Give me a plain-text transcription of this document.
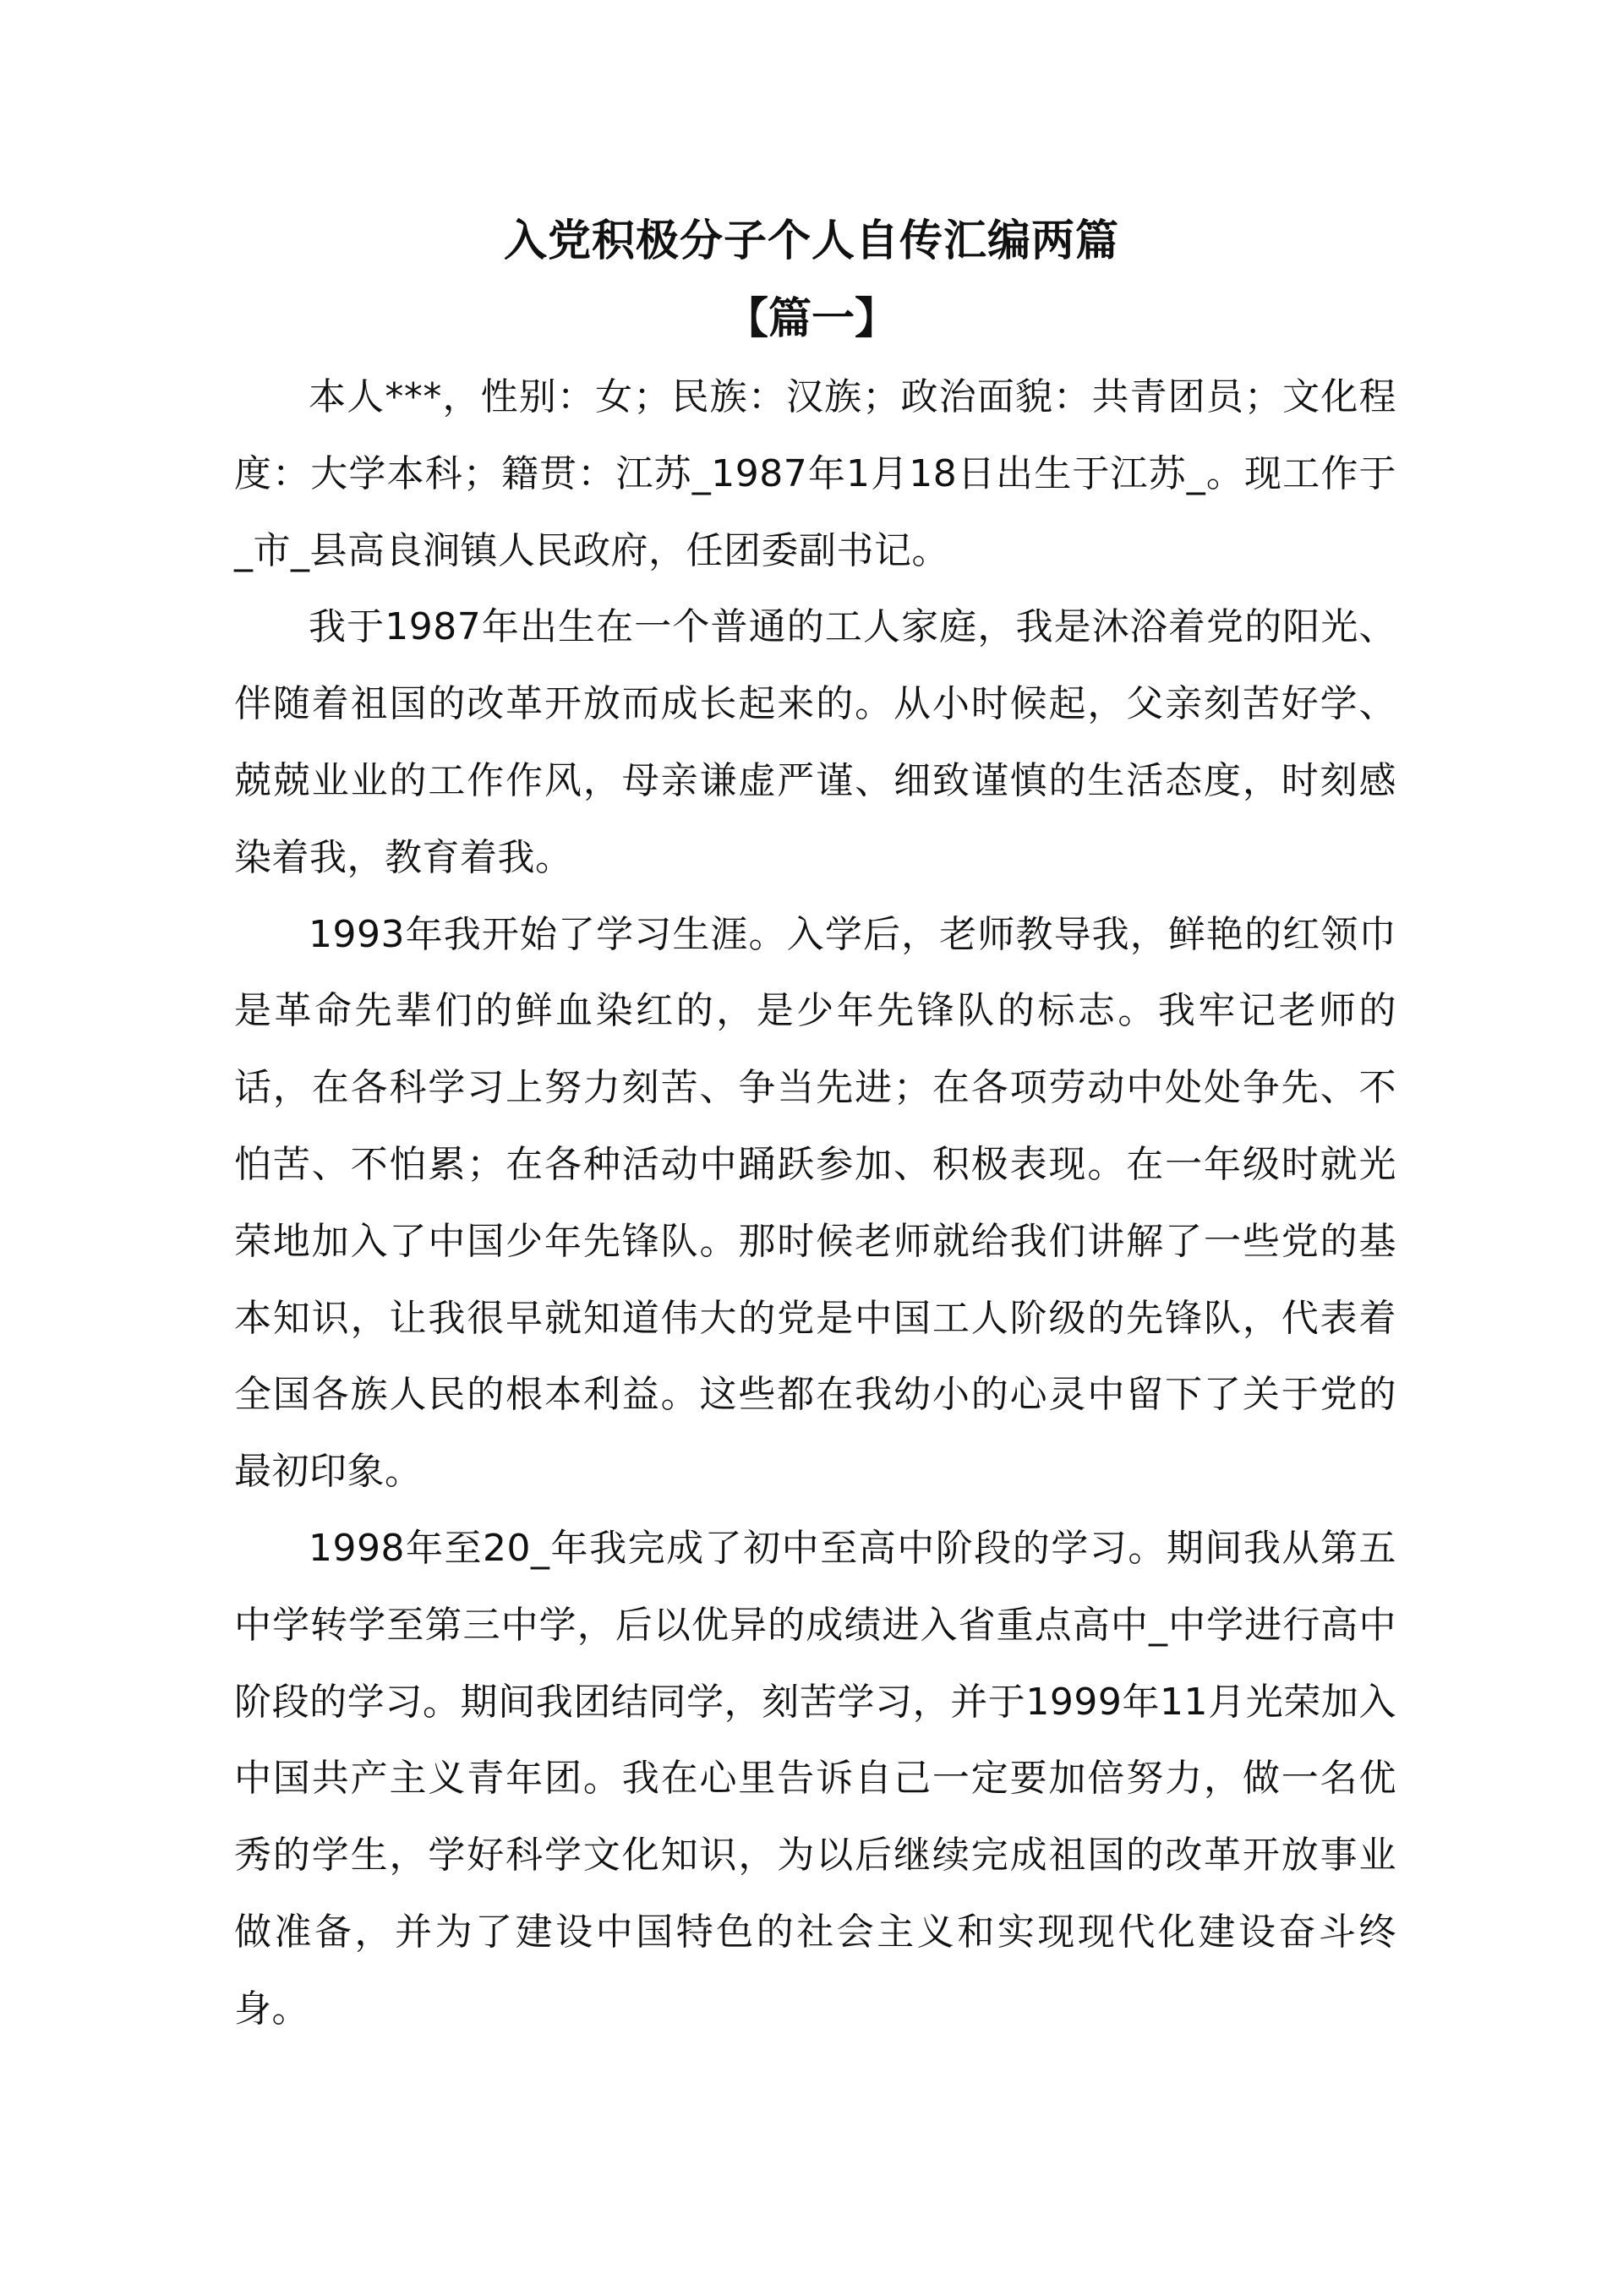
入党积极分子个人自传汇编两篇
【篇一】

本人***，性别：女；民族：汉族；政治面貌：共青团员；文化程度：大学本科；籍贯：江苏_1987年1月18日出生于江苏_。现工作于_市_县高良涧镇人民政府，任团委副书记。

我于1987年出生在一个普通的工人家庭，我是沐浴着党的阳光、伴随着祖国的改革开放而成长起来的。从小时候起，父亲刻苦好学、兢兢业业的工作作风，母亲谦虚严谨、细致谨慎的生活态度，时刻感染着我，教育着我。

1993年我开始了学习生涯。入学后，老师教导我，鲜艳的红领巾是革命先辈们的鲜血染红的，是少年先锋队的标志。我牢记老师的话，在各科学习上努力刻苦、争当先进；在各项劳动中处处争先、不怕苦、不怕累；在各种活动中踊跃参加、积极表现。在一年级时就光荣地加入了中国少年先锋队。那时候老师就给我们讲解了一些党的基本知识，让我很早就知道伟大的党是中国工人阶级的先锋队，代表着全国各族人民的根本利益。这些都在我幼小的心灵中留下了关于党的最初印象。

1998年至20_年我完成了初中至高中阶段的学习。期间我从第五中学转学至第三中学，后以优异的成绩进入省重点高中_中学进行高中阶段的学习。期间我团结同学，刻苦学习，并于1999年11月光荣加入中国共产主义青年团。我在心里告诉自己一定要加倍努力，做一名优秀的学生，学好科学文化知识，为以后继续完成祖国的改革开放事业做准备，并为了建设中国特色的社会主义和实现现代化建设奋斗终身。
